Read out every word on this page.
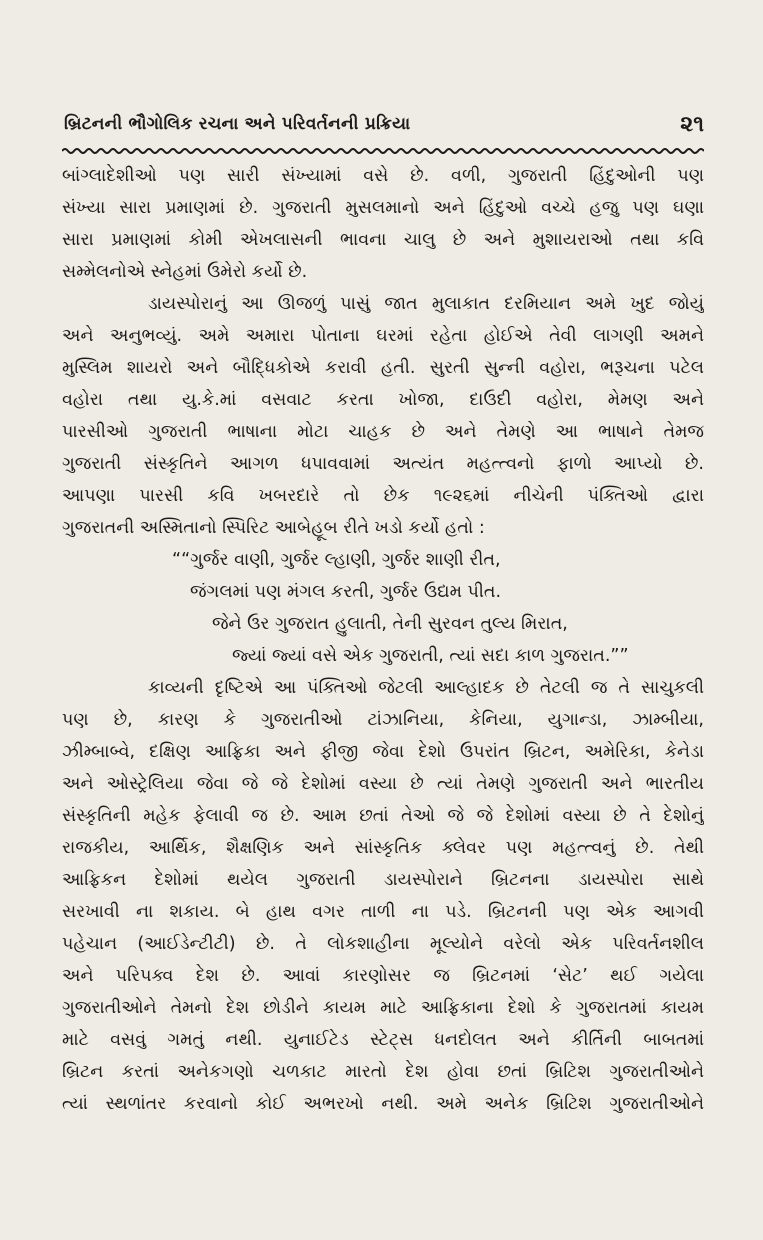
બ્રિટનની ભૌગોલિક રચના અને પરિવર્તનની પ્રક્રિયા	૨૧
બાંગ્લાદેશીઓ પણ સારી સંખ્યામાં વસે છે. વળી, ગુજરાતી હિંદુઓની પણ
સંખ્યા સારા પ્રમાણમાં છે. ગુજરાતી મુસલમાનો અને હિંદુઓ વચ્ચે હજુ પણ ઘણા
સારા પ્રમાણમાં કોમી એખલાસની ભાવના ચાલુ છે અને મુશાયરાઓ તથા કવિ
સમ્મેલનોએ સ્નેહમાં ઉમેરો કર્યો છે.
ડાયસ્પોરાનું આ ઊજળું પાસું જાત મુલાકાત દરમિયાન અમે ખુદ જોયું
અને અનુભવ્યું. અમે અમારા પોતાના ઘરમાં રહેતા હોઈએ તેવી લાગણી અમને
મુસ્લિમ શાયરો અને બૌદ્ધિકોએ કરાવી હતી. સુરતી સુન્ની વહોરા, ભરૂચના પટેલ
વહોરા તથા યુ.કે.માં વસવાટ કરતા ખોજા, દાઉદી વહોરા, મેમણ અને
પારસીઓ ગુજરાતી ભાષાના મોટા ચાહક છે અને તેમણે આ ભાષાને તેમજ
ગુજરાતી સંસ્કૃતિને આગળ ધપાવવામાં અત્યંત મહત્ત્વનો ફાળો આપ્યો છે.
આપણા પારસી કવિ ખબરદારે તો છેક ૧૯૨૬માં નીચેની પંક્તિઓ દ્વારા
ગુજરાતની અસ્મિતાનો સ્પિરિટ આબેહૂબ રીતે ખડો કર્યો હતો :
““ગુર્જર વાણી, ગુર્જર લ્હાણી, ગુર્જર શાણી રીત,
જંગલમાં પણ મંગલ કરતી, ગુર્જર ઉદ્યમ પીત.
જેને ઉર ગુજરાત હુલાતી, તેની સુરવન તુલ્ય મિરાત,
જ્યાં જ્યાં વસે એક ગુજરાતી, ત્યાં સદા કાળ ગુજરાત.””
કાવ્યની દૃષ્ટિએ આ પંક્તિઓ જેટલી આલ્હાદક છે તેટલી જ તે સાચુકલી
પણ છે, કારણ કે ગુજરાતીઓ ટાંઝાનિયા, કેનિયા, યુગાન્ડા, ઝામ્બીયા,
ઝીમ્બાબ્વે, દક્ષિણ આફ્રિકા અને ફીજી જેવા દેશો ઉપરાંત બ્રિટન, અમેરિકા, કેનેડા
અને ઓસ્ટ્રેલિયા જેવા જે જે દેશોમાં વસ્યા છે ત્યાં તેમણે ગુજરાતી અને ભારતીય
સંસ્કૃતિની મહેક ફેલાવી જ છે. આમ છતાં તેઓ જે જે દેશોમાં વસ્યા છે તે દેશોનું
રાજકીય, આર્થિક, શૈક્ષણિક અને સાંસ્કૃતિક ક્લેવર પણ મહત્ત્વનું છે. તેથી
આફ્રિકન દેશોમાં થયેલ ગુજરાતી ડાયસ્પોરાને બ્રિટનના ડાયસ્પોરા સાથે
સરખાવી ના શકાય. બે હાથ વગર તાળી ના પડે. બ્રિટનની પણ એક આગવી
પહેચાન (આઈડેન્ટીટી) છે. તે લોકશાહીના મૂલ્યોને વરેલો એક પરિવર્તનશીલ
અને પરિપક્વ દેશ છે. આવાં કારણોસર જ બ્રિટનમાં ‘સેટ’ થઈ ગયેલા
ગુજરાતીઓને તેમનો દેશ છોડીને કાયમ માટે આફ્રિકાના દેશો કે ગુજરાતમાં કાયમ
માટે વસવું ગમતું નથી. યુનાઈટેડ સ્ટેટ્સ ધનદોલત અને કીર્તિની બાબતમાં
બ્રિટન કરતાં અનેકગણો ચળકાટ મારતો દેશ હોવા છતાં બ્રિટિશ ગુજરાતીઓને
ત્યાં સ્થળાંતર કરવાનો કોઈ અભરખો નથી. અમે અનેક બ્રિટિશ ગુજરાતીઓને
